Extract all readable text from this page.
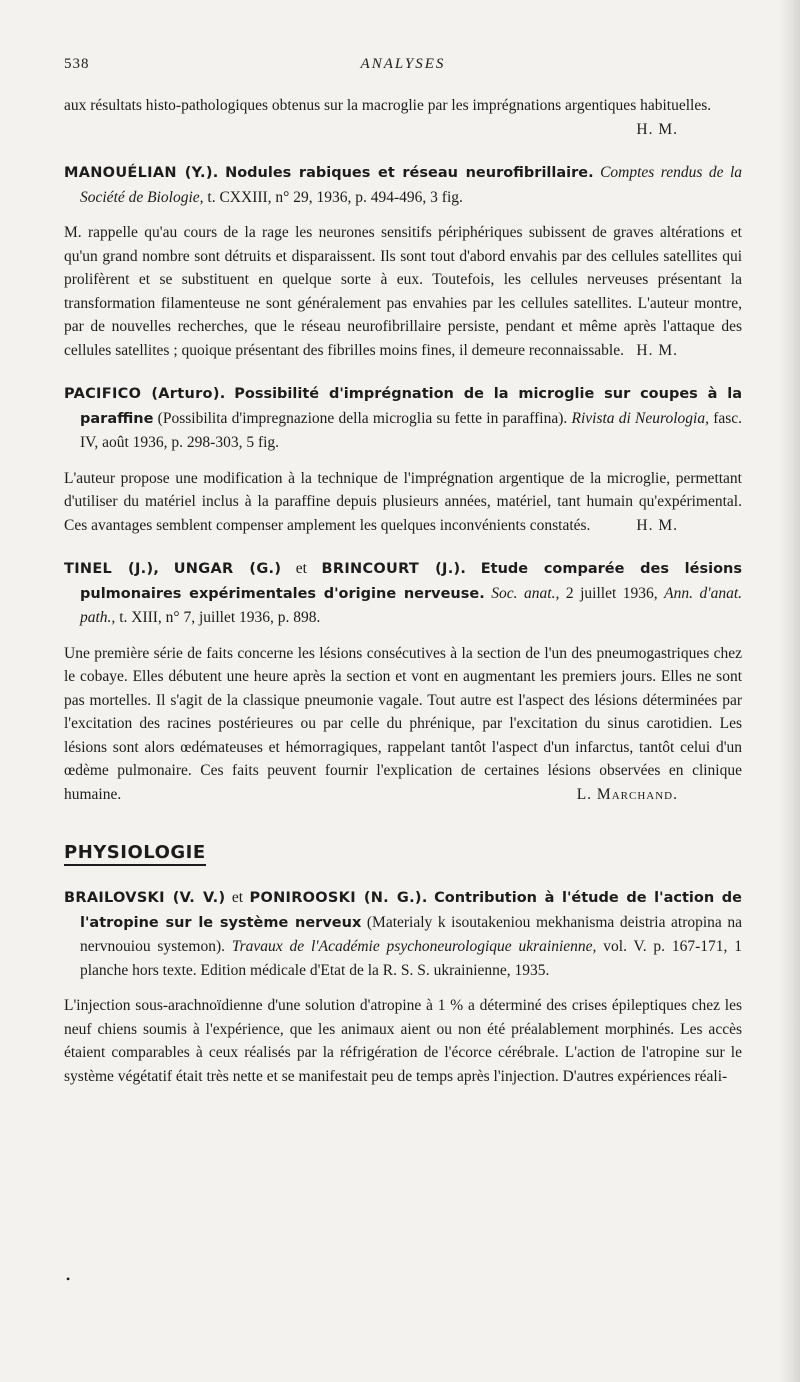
538	ANALYSES

aux résultats histo-pathologiques obtenus sur la macroglie par les imprégnations argentiques habituelles.
H. M.

MANOUÉLIAN (Y.). Nodules rabiques et réseau neurofibrillaire. Comptes rendus de la Société de Biologie, t. CXXIII, n° 29, 1936, p. 494-496, 3 fig.

M. rappelle qu'au cours de la rage les neurones sensitifs périphériques subissent de graves altérations et qu'un grand nombre sont détruits et disparaissent. Ils sont tout d'abord envahis par des cellules satellites qui prolifèrent et se substituent en quelque sorte à eux. Toutefois, les cellules nerveuses présentant la transformation filamenteuse ne sont généralement pas envahies par les cellules satellites. L'auteur montre, par de nouvelles recherches, que le réseau neurofibrillaire persiste, pendant et même après l'attaque des cellules satellites ; quoique présentant des fibrilles moins fines, il demeure reconnaissable. H. M.

PACIFICO (Arturo). Possibilité d'imprégnation de la microglie sur coupes à la paraffine (Possibilita d'impregnazione della microglia su fette in paraffina). Rivista di Neurologia, fasc. IV, août 1936, p. 298-303, 5 fig.

L'auteur propose une modification à la technique de l'imprégnation argentique de la microglie, permettant d'utiliser du matériel inclus à la paraffine depuis plusieurs années, matériel, tant humain qu'expérimental. Ces avantages semblent compenser amplement les quelques inconvénients constatés.	H. M.

TINEL (J.), UNGAR (G.) et BRINCOURT (J.). Etude comparée des lésions pulmonaires expérimentales d'origine nerveuse. Soc. anat., 2 juillet 1936, Ann. d'anat. path., t. XIII, n° 7, juillet 1936, p. 898.

Une première série de faits concerne les lésions consécutives à la section de l'un des pneumogastriques chez le cobaye. Elles débutent une heure après la section et vont en augmentant les premiers jours. Elles ne sont pas mortelles. Il s'agit de la classique pneumonie vagale. Tout autre est l'aspect des lésions déterminées par l'excitation des racines postérieures ou par celle du phrénique, par l'excitation du sinus carotidien. Les lésions sont alors œdémateuses et hémorragiques, rappelant tantôt l'aspect d'un infarctus, tantôt celui d'un œdème pulmonaire. Ces faits peuvent fournir l'explication de certaines lésions observées en clinique humaine.	L. Marchand.

PHYSIOLOGIE

BRAILOVSKI (V. V.) et PONIROOSKI (N. G.). Contribution à l'étude de l'action de l'atropine sur le système nerveux (Materialy k isoutakeniou mekhanisma deistria atropina na nervnouiou systemon). Travaux de l'Académie psychoneurologique ukrainienne, vol. V. p. 167-171, 1 planche hors texte. Edition médicale d'Etat de la R. S. S. ukrainienne, 1935.

L'injection sous-arachnoïdienne d'une solution d'atropine à 1 % a déterminé des crises épileptiques chez les neuf chiens soumis à l'expérience, que les animaux aient ou non été préalablement morphinés. Les accès étaient comparables à ceux réalisés par la réfrigération de l'écorce cérébrale. L'action de l'atropine sur le système végétatif était très nette et se manifestait peu de temps après l'injection. D'autres expériences réali-

•
